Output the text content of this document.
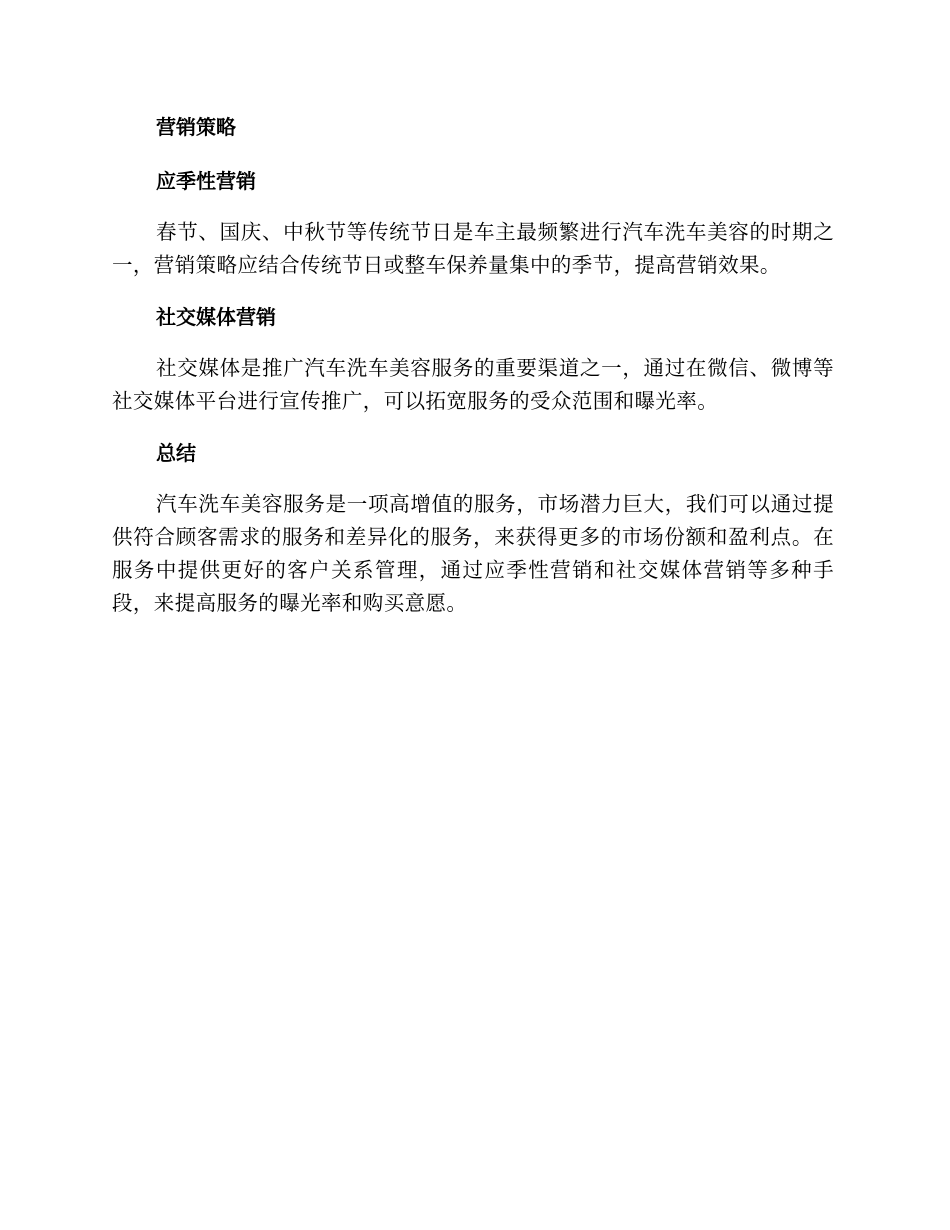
营销策略
应季性营销

春节、国庆、中秋节等传统节日是车主最频繁进行汽车洗车美容的时期之一，营销策略应结合传统节日或整车保养量集中的季节，提高营销效果。

社交媒体营销

社交媒体是推广汽车洗车美容服务的重要渠道之一，通过在微信、微博等社交媒体平台进行宣传推广，可以拓宽服务的受众范围和曝光率。

总结

汽车洗车美容服务是一项高增值的服务，市场潜力巨大，我们可以通过提供符合顾客需求的服务和差异化的服务，来获得更多的市场份额和盈利点。在服务中提供更好的客户关系管理，通过应季性营销和社交媒体营销等多种手段，来提高服务的曝光率和购买意愿。
